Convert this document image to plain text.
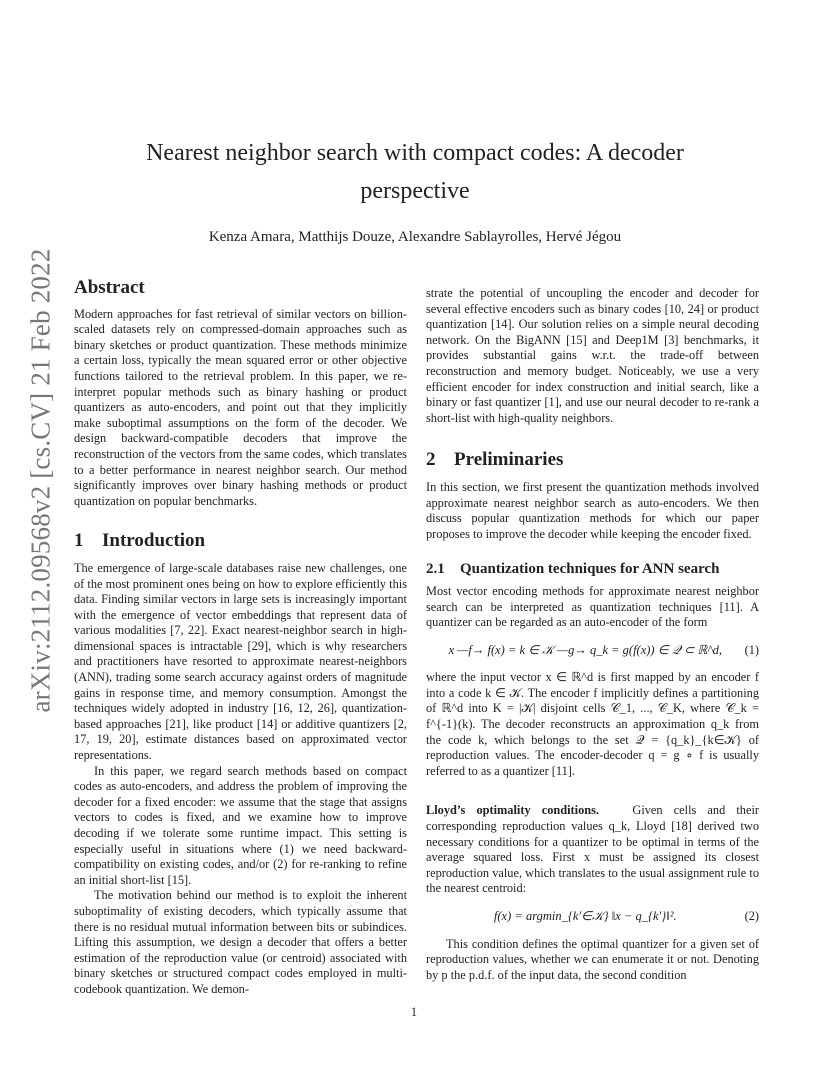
arXiv:2112.09568v2 [cs.CV] 21 Feb 2022
Nearest neighbor search with compact codes: A decoder perspective
Kenza Amara, Matthijs Douze, Alexandre Sablayrolles, Hervé Jégou
Abstract

Modern approaches for fast retrieval of similar vectors on billion-scaled datasets rely on compressed-domain approaches such as binary sketches or product quantization. These methods minimize a certain loss, typically the mean squared error or other objective functions tailored to the retrieval problem. In this paper, we re-interpret popular methods such as binary hashing or product quantizers as auto-encoders, and point out that they implicitly make suboptimal assumptions on the form of the decoder. We design backward-compatible decoders that improve the reconstruction of the vectors from the same codes, which translates to a better performance in nearest neighbor search. Our method significantly improves over binary hashing methods or product quantization on popular benchmarks.

1 Introduction

The emergence of large-scale databases raise new challenges, one of the most prominent ones being on how to explore efficiently this data. Finding similar vectors in large sets is increasingly important with the emergence of vector embeddings that represent data of various modalities [7, 22]. Exact nearest-neighbor search in high-dimensional spaces is intractable [29], which is why researchers and practitioners have resorted to approximate nearest-neighbors (ANN), trading some search accuracy against orders of magnitude gains in response time, and memory consumption. Amongst the techniques widely adopted in industry [16, 12, 26], quantization-based approaches [21], like product [14] or additive quantizers [2, 17, 19, 20], estimate distances based on approximated vector representations.

In this paper, we regard search methods based on compact codes as auto-encoders, and address the problem of improving the decoder for a fixed encoder: we assume that the stage that assigns vectors to codes is fixed, and we examine how to improve decoding if we tolerate some runtime impact. This setting is especially useful in situations where (1) we need backward-compatibility on existing codes, and/or (2) for re-ranking to refine an initial short-list [15].

The motivation behind our method is to exploit the inherent suboptimality of existing decoders, which typically assume that there is no residual mutual information between bits or subindices. Lifting this assumption, we design a decoder that offers a better estimation of the reproduction value (or centroid) associated with binary sketches or structured compact codes employed in multi-codebook quantization. We demon-

strate the potential of uncoupling the encoder and decoder for several effective encoders such as binary codes [10, 24] or product quantization [14]. Our solution relies on a simple neural decoding network. On the BigANN [15] and Deep1M [3] benchmarks, it provides substantial gains w.r.t. the trade-off between reconstruction and memory budget. Noticeably, we use a very efficient encoder for index construction and initial search, like a binary or fast quantizer [1], and use our neural decoder to re-rank a short-list with high-quality neighbors.

2 Preliminaries

In this section, we first present the quantization methods involved approximate nearest neighbor search as auto-encoders. We then discuss popular quantization methods for which our paper proposes to improve the decoder while keeping the encoder fixed.

2.1 Quantization techniques for ANN search

Most vector encoding methods for approximate nearest neighbor search can be interpreted as quantization techniques [11]. A quantizer can be regarded as an auto-encoder of the form

x —f→ f(x) = k ∈ 𝒦 —g→ q_k = g(f(x)) ∈ 𝒬 ⊂ ℝ^d,	(1)

where the input vector x ∈ ℝ^d is first mapped by an encoder f into a code k ∈ 𝒦. The encoder f implicitly defines a partitioning of ℝ^d into K = |𝒦| disjoint cells 𝒞_1, ..., 𝒞_K, where 𝒞_k = f^{-1}(k). The decoder reconstructs an approximation q_k from the code k, which belongs to the set 𝒬 = {q_k}_{k∈𝒦} of reproduction values. The encoder-decoder q = g ∘ f is usually referred to as a quantizer [11].

Lloyd’s optimality conditions.	Given cells and their corresponding reproduction values q_k, Lloyd [18] derived two necessary conditions for a quantizer to be optimal in terms of the average squared loss. First x must be assigned its closest reproduction value, which translates to the usual assignment rule to the nearest centroid:

f(x) = argmin_{k′∈𝒦} ‖x − q_{k′}‖².	(2)

This condition defines the optimal quantizer for a given set of reproduction values, whether we can enumerate it or not. Denoting by p the p.d.f. of the input data, the second condition

1
